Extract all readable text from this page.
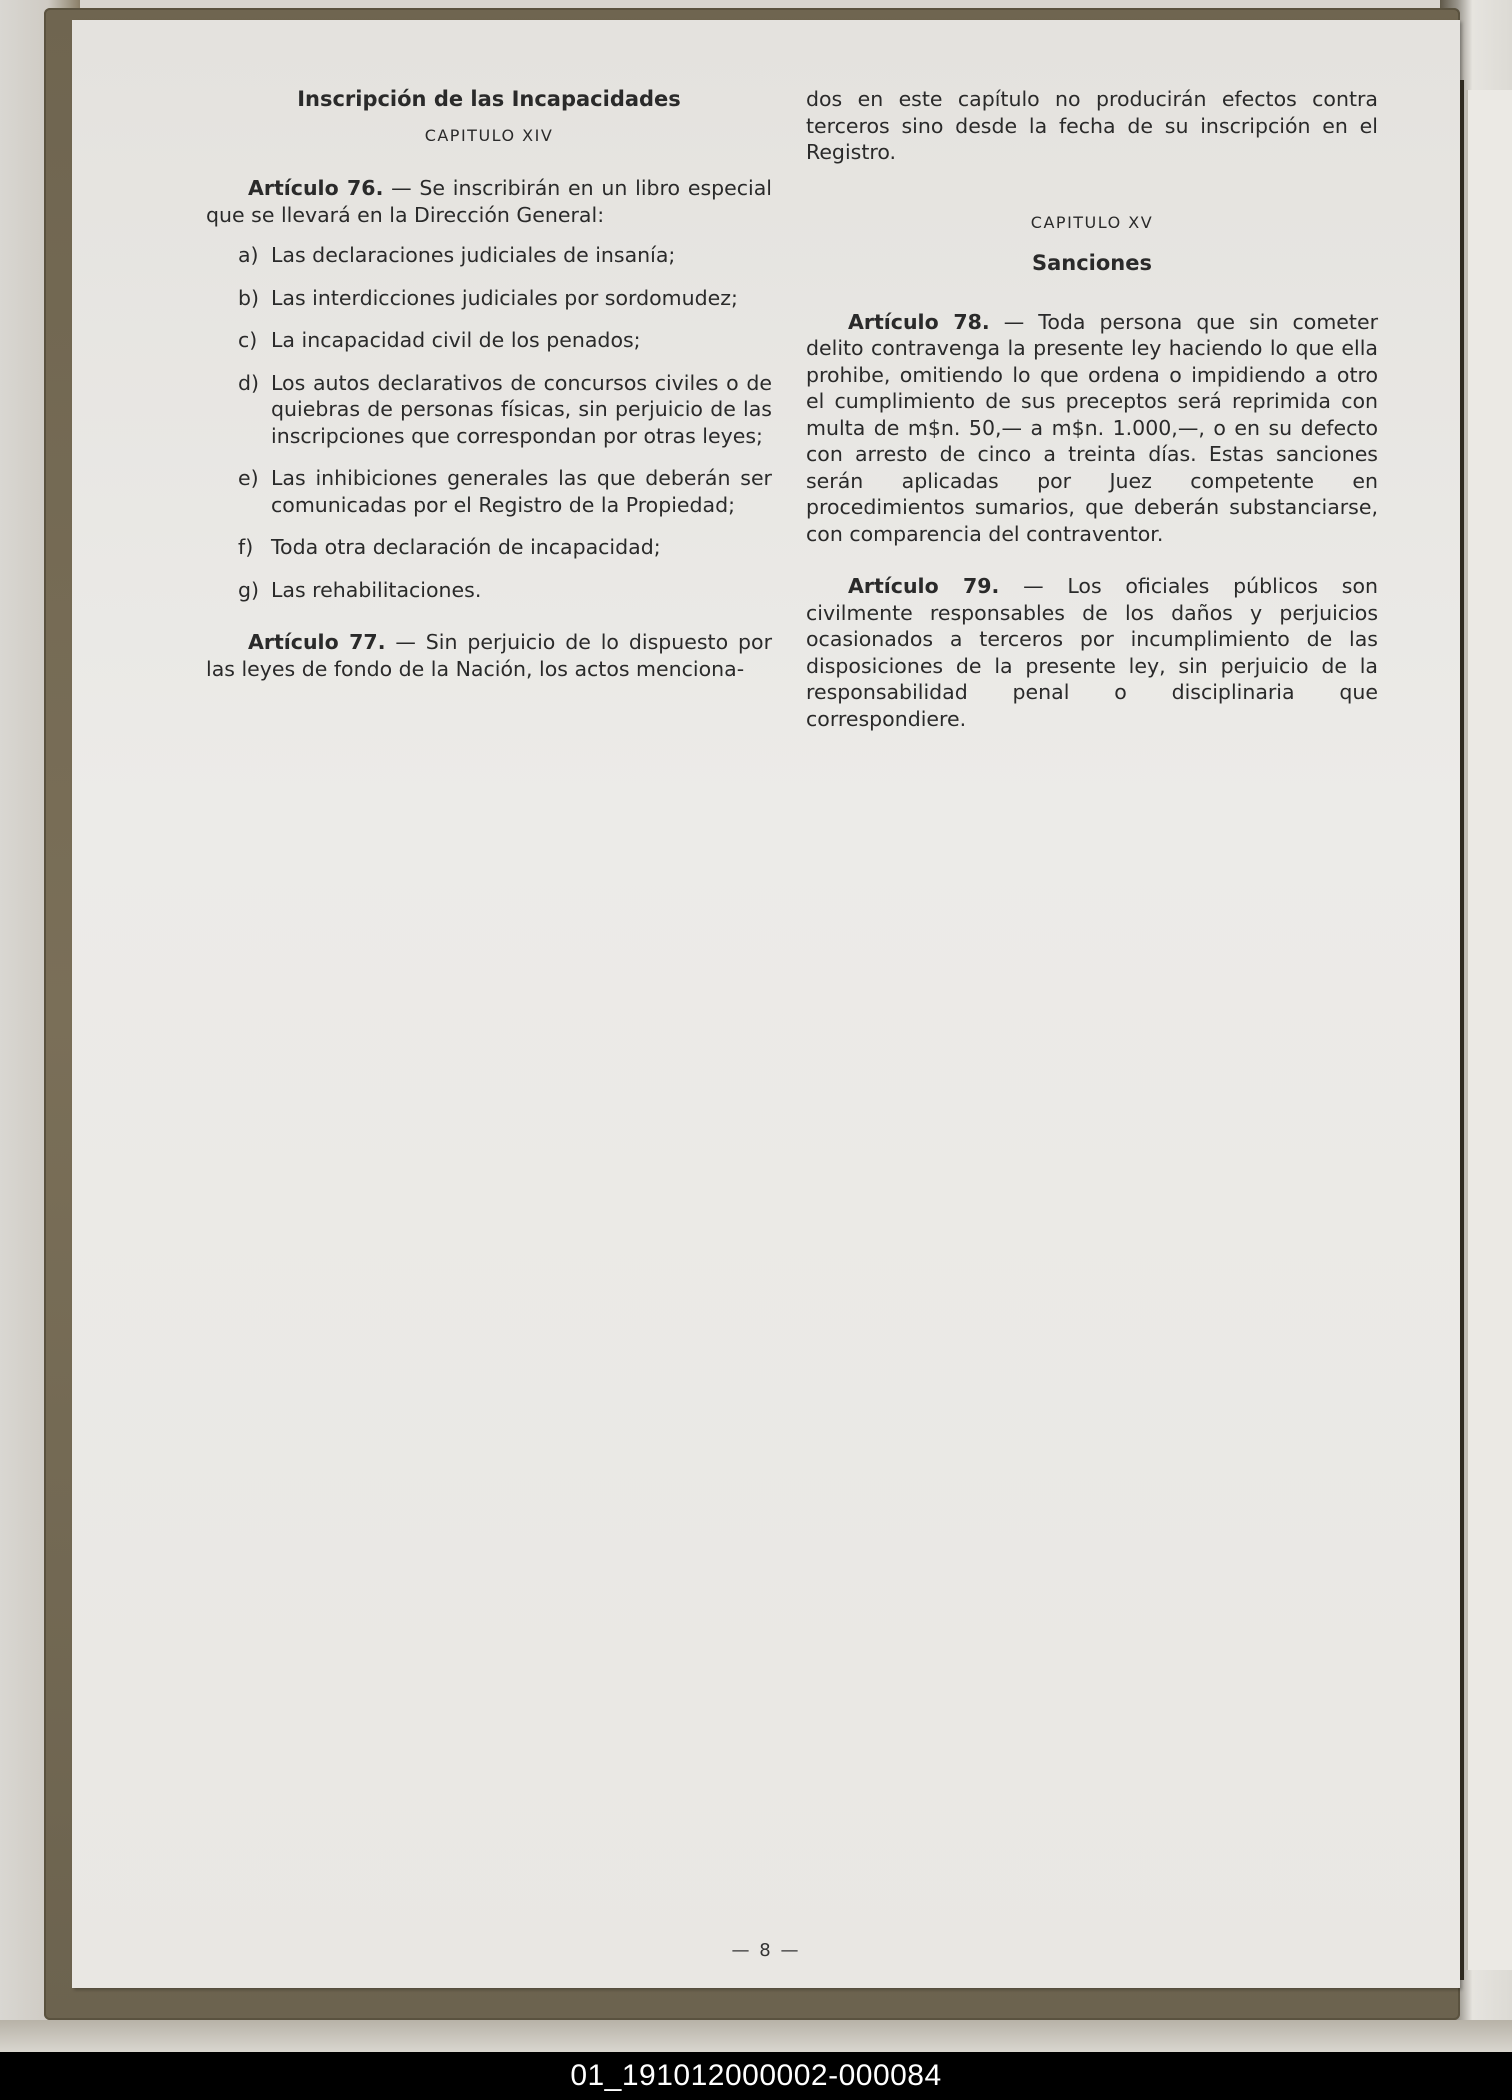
Inscripción de las Incapacidades

CAPITULO XIV

Artículo 76. — Se inscribirán en un libro especial que se llevará en la Dirección General:

a) Las declaraciones judiciales de insanía;
b) Las interdicciones judiciales por sordomudez;
c) La incapacidad civil de los penados;
d) Los autos declarativos de concursos civiles o de quiebras de personas físicas, sin perjuicio de las inscripciones que correspondan por otras leyes;
e) Las inhibiciones generales las que deberán ser comunicadas por el Registro de la Propiedad;
f) Toda otra declaración de incapacidad;
g) Las rehabilitaciones.

Artículo 77. — Sin perjuicio de lo dispuesto por las leyes de fondo de la Nación, los actos menciona-

dos en este capítulo no producirán efectos contra terceros sino desde la fecha de su inscripción en el Registro.

CAPITULO XV

Sanciones

Artículo 78. — Toda persona que sin cometer delito contravenga la presente ley haciendo lo que ella prohibe, omitiendo lo que ordena o impidiendo a otro el cumplimiento de sus preceptos será reprimida con multa de m$n. 50,— a m$n. 1.000,—, o en su defecto con arresto de cinco a treinta días. Estas sanciones serán aplicadas por Juez competente en procedimientos sumarios, que deberán substanciarse, con comparencia del contraventor.

Artículo 79. — Los oficiales públicos son civilmente responsables de los daños y perjuicios ocasionados a terceros por incumplimiento de las disposiciones de la presente ley, sin perjuicio de la responsabilidad penal o disciplinaria que correspondiere.

— 8 —
01_191012000002-000084
